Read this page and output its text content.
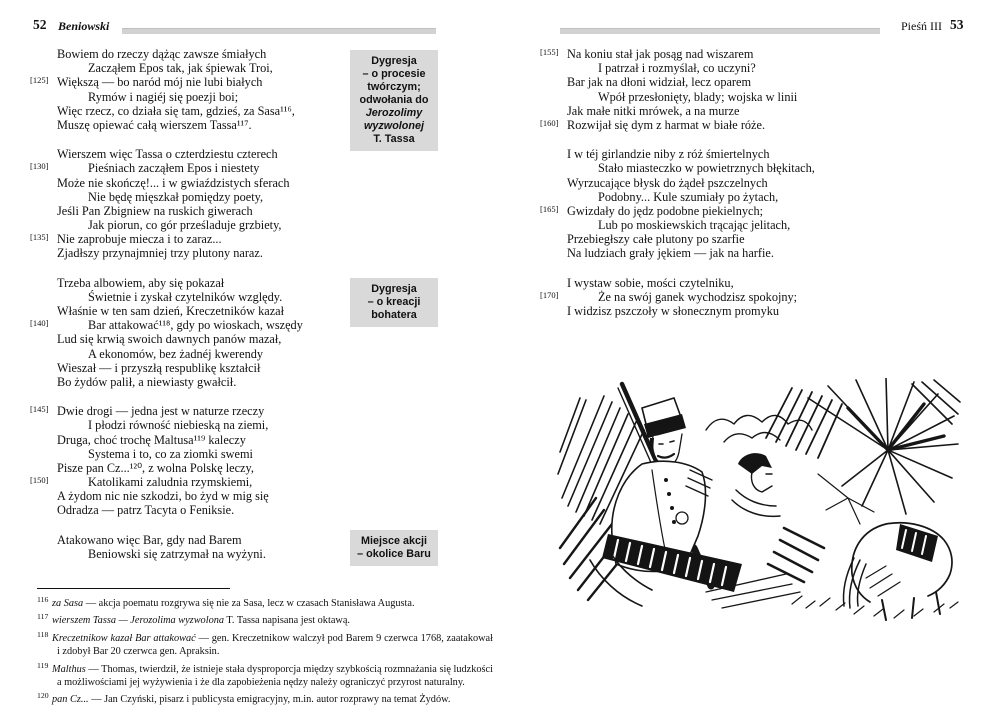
52 Beniowski	Pieśń III 53
Bowiem do rzeczy dążąc zawsze śmiałych
Zacząłem Epos tak, jak śpiewak Troi,
[125] Większą — bo naród mój nie lubi białych
Rymów i nagiéj się poezji boi;
Więc rzecz, co działa się tam, gdzieś, za Sasa¹¹⁶,
Muszę opiewać całą wierszem Tassa¹¹⁷.
Wierszem więc Tassa o czterdziestu czterech
[130]	Pieśniach zacząłem Epos i niestety
Może nie skończę!... i w gwiaździstych sferach
Nie będę mięszkał pomiędzy poety,
Jeśli Pan Zbigniew na ruskich giwerach
Jak piorun, co gór prześladuje grzbiety,
[135] Nie zaprobuje miecza i to zaraz...
Zjadłszy przynajmniej trzy plutony naraz.
Trzeba albowiem, aby się pokazał
Świetnie i zyskał czytelników względy.
Właśnie w ten sam dzień, Kreczetników kazał
[140]	Bar attakować¹¹⁸, gdy po wioskach, wszędy
Lud się krwią swoich dawnych panów mazał,
A ekonomów, bez żadnéj kwerendy
Wieszał — i przyszłą respublikę kształcił
Bo żydów palił, a niewiasty gwałcił.
[145] Dwie drogi — jedna jest w naturze rzeczy
I płodzi równość niebieską na ziemi,
Druga, choć trochę Maltusa¹¹⁹ kaleczy
Systema i to, co za ziomki swemi
Pisze pan Cz...¹²⁰, z wolna Polskę leczy,
[150]	Katolikami zaludnia rzymskiemi,
A żydom nic nie szkodzi, bo żyd w mig się
Odradza — patrz Tacyta o Feniksie.
Atakowano więc Bar, gdy nad Barem
Beniowski się zatrzymał na wyżyni.
[155] Na koniu stał jak posąg nad wiszarem
I patrzał i rozmyślał, co uczyni?
Bar jak na dłoni widział, lecz oparem
Wpół przesłonięty, blady; wojska w linii
Jak małe nitki mrówek, a na murze
[160] Rozwijał się dym z harmat w białe róże.
I w téj girlandzie niby z róż śmiertelnych
Stało miasteczko w powietrznych błękitach,
Wyrzucające błysk do żądeł pszczelnych
Podobny... Kule szumiały po żytach,
[165] Gwizdały do jędz podobne piekielnych;
Lub po moskiewskich trącając jelitach,
Przebiegłszy całe plutony po szarfie
Na ludziach grały jękiem — jak na harfie.
I wystaw sobie, mości czytelniku,
[170]	Że na swój ganek wychodzisz spokojny;
I widzisz pszczoły w słonecznym promyku
Dygresja
– o procesie
twórczym;
odwołania do
Jerozolimy
wyzwolonej
T. Tassa
Dygresja
– o kreacji
bohatera
Miejsce akcji
– okolice Baru
116 za Sasa — akcja poematu rozgrywa się nie za Sasa, lecz w czasach Stanisława Augusta.
117 wierszem Tassa — Jerozolima wyzwolona T. Tassa napisana jest oktawą.
118 Kreczetnikow kazał Bar attakować — gen. Kreczetnikow walczył pod Barem 9 czerwca 1768, zaatakował i zdobył Bar 20 czerwca gen. Apraksin.
119 Malthus — Thomas, twierdził, że istnieje stała dysproporcja między szybkością rozmnażania się ludzkości a możliwościami jej wyżywienia i że dla zapobieżenia nędzy należy ograniczyć przyrost naturalny.
120 pan Cz... — Jan Czyński, pisarz i publicysta emigracyjny, m.in. autor rozprawy na temat Żydów.
